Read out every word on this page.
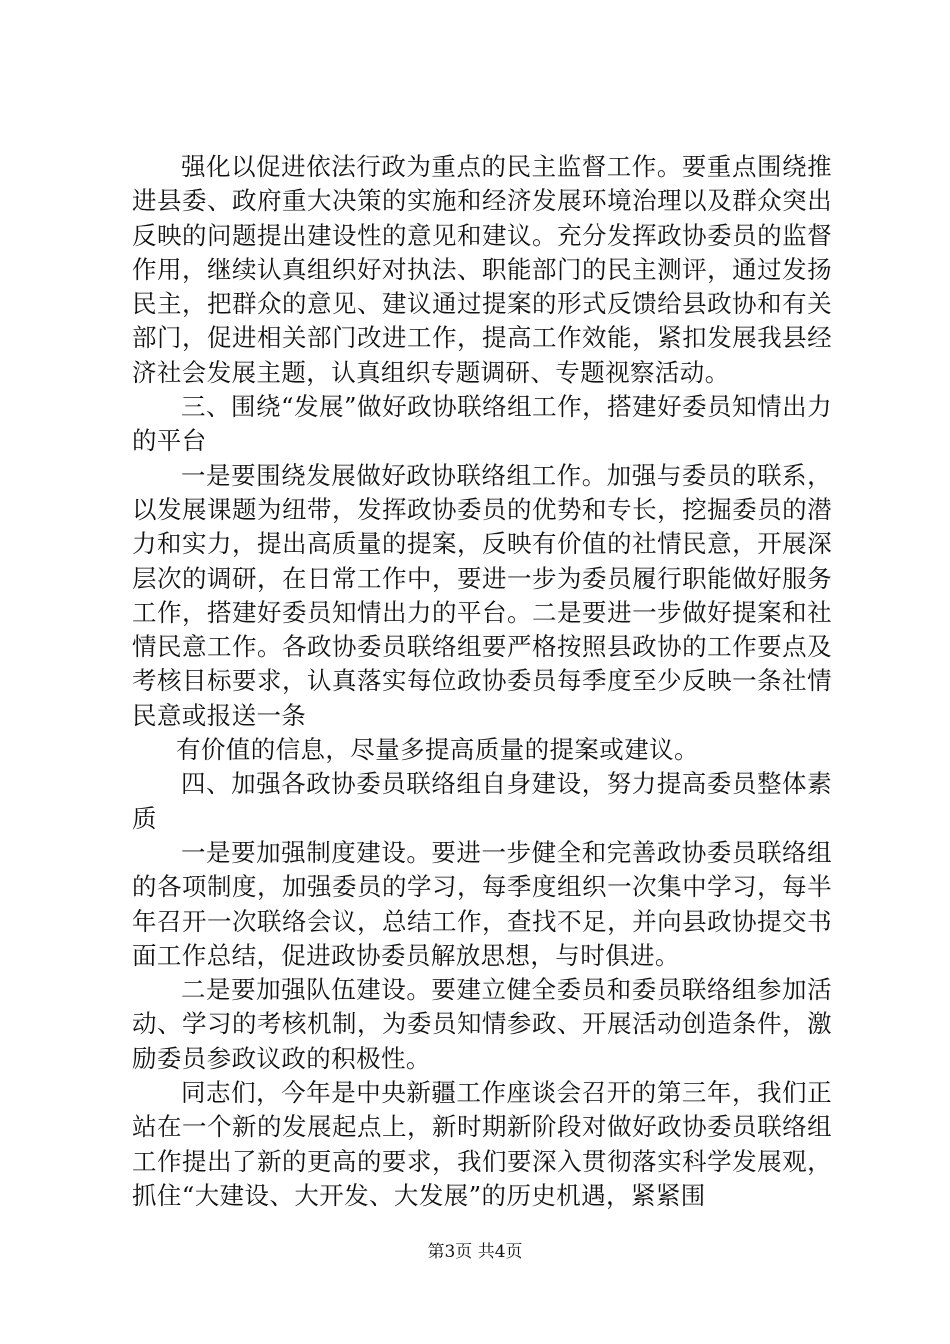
强化以促进依法行政为重点的民主监督工作。要重点围绕推进县委、政府重大决策的实施和经济发展环境治理以及群众突出反映的问题提出建设性的意见和建议。充分发挥政协委员的监督作用，继续认真组织好对执法、职能部门的民主测评，通过发扬民主，把群众的意见、建议通过提案的形式反馈给县政协和有关部门，促进相关部门改进工作，提高工作效能，紧扣发展我县经济社会发展主题，认真组织专题调研、专题视察活动。

三、围绕“发展”做好政协联络组工作，搭建好委员知情出力的平台

一是要围绕发展做好政协联络组工作。加强与委员的联系，以发展课题为纽带，发挥政协委员的优势和专长，挖掘委员的潜力和实力，提出高质量的提案，反映有价值的社情民意，开展深层次的调研，在日常工作中，要进一步为委员履行职能做好服务工作，搭建好委员知情出力的平台。二是要进一步做好提案和社情民意工作。各政协委员联络组要严格按照县政协的工作要点及考核目标要求，认真落实每位政协委员每季度至少反映一条社情民意或报送一条

有价值的信息，尽量多提高质量的提案或建议。

四、加强各政协委员联络组自身建设，努力提高委员整体素质

一是要加强制度建设。要进一步健全和完善政协委员联络组的各项制度，加强委员的学习，每季度组织一次集中学习，每半年召开一次联络会议，总结工作，查找不足，并向县政协提交书面工作总结，促进政协委员解放思想，与时俱进。

二是要加强队伍建设。要建立健全委员和委员联络组参加活动、学习的考核机制，为委员知情参政、开展活动创造条件，激励委员参政议政的积极性。

同志们，今年是中央新疆工作座谈会召开的第三年，我们正站在一个新的发展起点上，新时期新阶段对做好政协委员联络组工作提出了新的更高的要求，我们要深入贯彻落实科学发展观，抓住“大建设、大开发、大发展”的历史机遇，紧紧围

第3页 共4页
